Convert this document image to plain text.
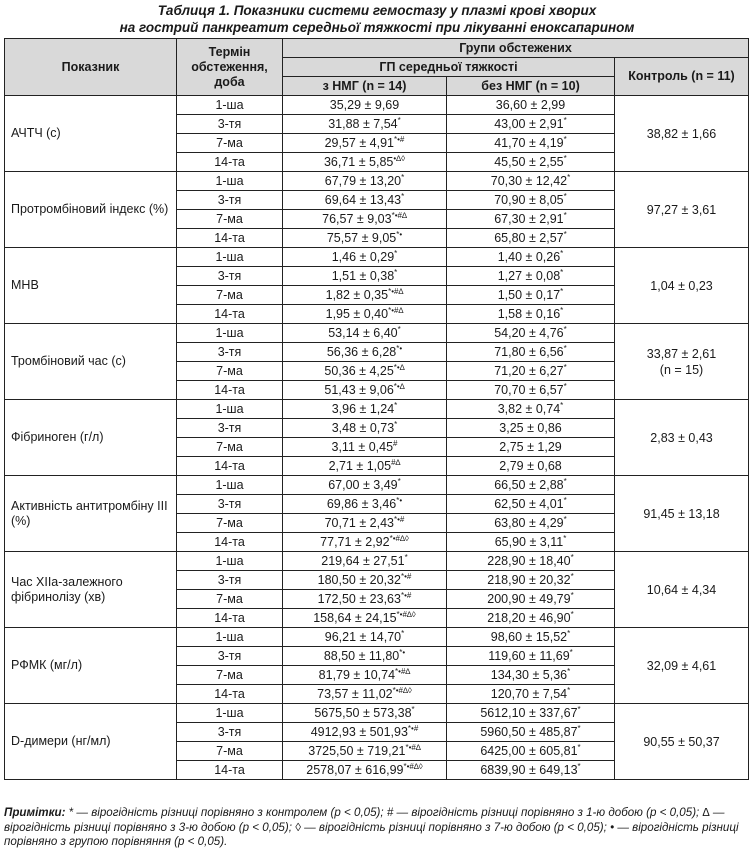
Таблиця 1. Показники системи гемостазу у плазмі крові хворих
на гострий панкреатит середньої тяжкості при лікуванні еноксапарином
Показник	Термін обстеження, доба	Групи обстежених		
		ГП середньої тяжкості		Контроль (n = 11)
		з НМГ (n = 14)	без НМГ (n = 10)	
АЧТЧ (с)	1-ша	35,29 ± 9,69	36,60 ± 2,99	38,82 ± 1,66

	3-тя	31,88 ± 7,54*	43,00 ± 2,91*
	7-ма	29,57 ± 4,91*•#	41,70 ± 4,19*
	14-та	36,71 ± 5,85•∆◊	45,50 ± 2,55*
Протромбіновий індекс (%)	1-ша	67,79 ± 13,20*	70,30 ± 12,42*	97,27 ± 3,61

	3-тя	69,64 ± 13,43*	70,90 ± 8,05*
	7-ма	76,57 ± 9,03*•#∆	67,30 ± 2,91*
	14-та	75,57 ± 9,05*•	65,80 ± 2,57*
МНВ	1-ша	1,46 ± 0,29*	1,40 ± 0,26*	1,04 ± 0,23

	3-тя	1,51 ± 0,38*	1,27 ± 0,08*
	7-ма	1,82 ± 0,35*•#∆	1,50 ± 0,17*
	14-та	1,95 ± 0,40*•#∆	1,58 ± 0,16*
Тромбіновий час (с)	1-ша	53,14 ± 6,40*	54,20 ± 4,76*	33,87 ± 2,61
(n = 15)

	3-тя	56,36 ± 6,28*•	71,80 ± 6,56*
	7-ма	50,36 ± 4,25*•∆	71,20 ± 6,27*
	14-та	51,43 ± 9,06*•∆	70,70 ± 6,57*
Фібриноген (г/л)	1-ша	3,96 ± 1,24*	3,82 ± 0,74*	2,83 ± 0,43

	3-тя	3,48 ± 0,73*	3,25 ± 0,86	
	7-ма	3,11 ± 0,45#	2,75 ± 1,29	
	14-та	2,71 ± 1,05#∆	2,79 ± 0,68	
Активність антитромбіну III (%)	1-ша	67,00 ± 3,49*	66,50 ± 2,88*	91,45 ± 13,18

	3-тя	69,86 ± 3,46*•	62,50 ± 4,01*
	7-ма	70,71 ± 2,43*•#	63,80 ± 4,29*
	14-та	77,71 ± 2,92*•#∆◊	65,90 ± 3,11*
Час XIIa-залежного фібринолізу (хв)	1-ша	219,64 ± 27,51*	228,90 ± 18,40*	10,64 ± 4,34

	3-тя	180,50 ± 20,32*•#	218,90 ± 20,32*
	7-ма	172,50 ± 23,63*•#	200,90 ± 49,79*
	14-та	158,64 ± 24,15*•#∆◊	218,20 ± 46,90*
РФМК (мг/л)	1-ша	96,21 ± 14,70*	98,60 ± 15,52*	32,09 ± 4,61

	3-тя	88,50 ± 11,80*•	119,60 ± 11,69*
	7-ма	81,79 ± 10,74*•#∆	134,30 ± 5,36*
	14-та	73,57 ± 11,02*•#∆◊	120,70 ± 7,54*
D-димери (нг/мл)	1-ша	5675,50 ± 573,38*	5612,10 ± 337,67*	90,55 ± 50,37

	3-тя	4912,93 ± 501,93*•#	5960,50 ± 485,87*
	7-ма	3725,50 ± 719,21*•#∆	6425,00 ± 605,81*
	14-та	2578,07 ± 616,99*•#∆◊	6839,90 ± 649,13*
Примітки: * — вірогідність різниці порівняно з контролем (р < 0,05); # — вірогідність різниці порівняно з 1-ю добою (р < 0,05); ∆ — вірогідність різниці порівняно з 3-ю добою (р < 0,05); ◊ — вірогідність різниці порівняно з 7-ю добою (р < 0,05); • — вірогідність різниці порівняно з групою порівняння (р < 0,05).
